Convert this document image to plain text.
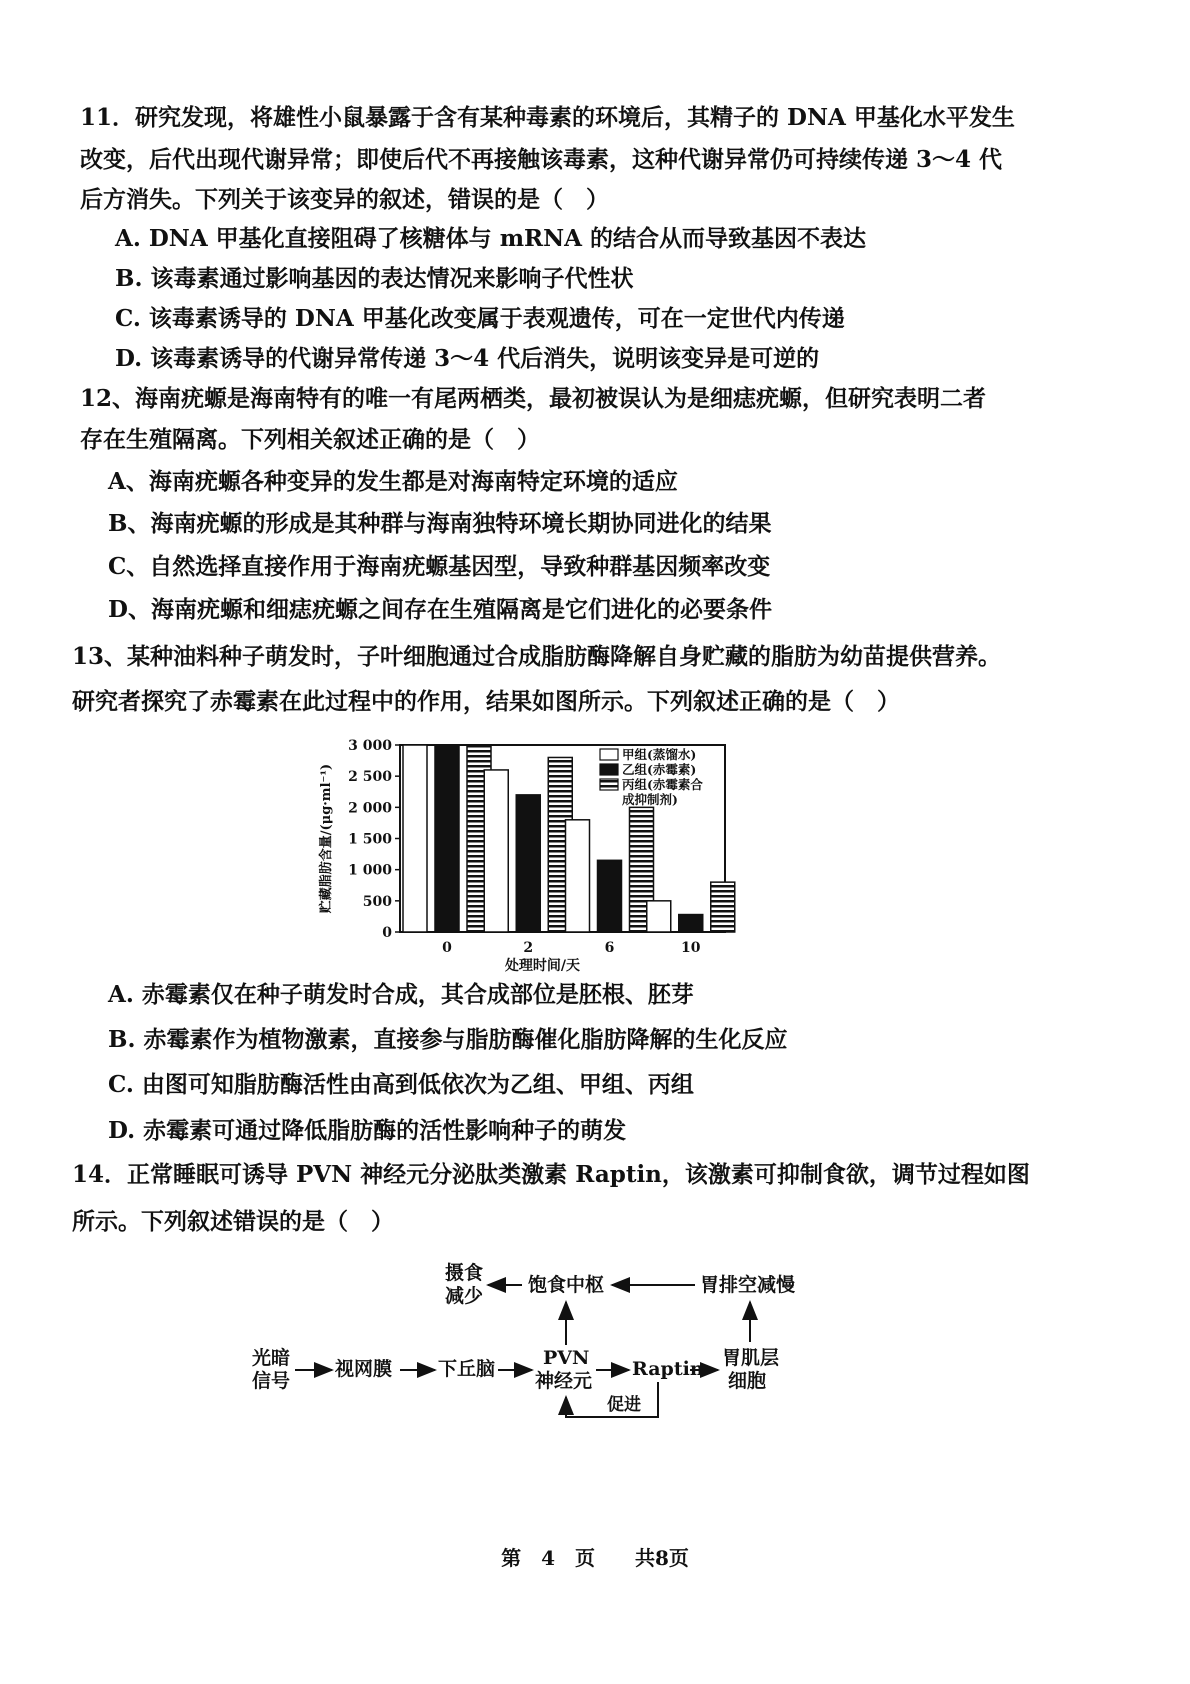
11．研究发现，将雄性小鼠暴露于含有某种毒素的环境后，其精子的 DNA 甲基化水平发生
改变，后代出现代谢异常；即使后代不再接触该毒素，这种代谢异常仍可持续传递 3～4 代
后方消失。下列关于该变异的叙述，错误的是（　）
A. DNA 甲基化直接阻碍了核糖体与 mRNA 的结合从而导致基因不表达
B. 该毒素通过影响基因的表达情况来影响子代性状
C. 该毒素诱导的 DNA 甲基化改变属于表观遗传，可在一定世代内传递
D. 该毒素诱导的代谢异常传递 3～4 代后消失，说明该变异是可逆的
12、海南疣螈是海南特有的唯一有尾两栖类，最初被误认为是细痣疣螈，但研究表明二者
存在生殖隔离。下列相关叙述正确的是（　）
A、海南疣螈各种变异的发生都是对海南特定环境的适应
B、海南疣螈的形成是其种群与海南独特环境长期协同进化的结果
C、自然选择直接作用于海南疣螈基因型，导致种群基因频率改变
D、海南疣螈和细痣疣螈之间存在生殖隔离是它们进化的必要条件
13、某种油料种子萌发时，子叶细胞通过合成脂肪酶降解自身贮藏的脂肪为幼苗提供营养。
研究者探究了赤霉素在此过程中的作用，结果如图所示。下列叙述正确的是（　）
0
500
1 000
1 500
2 000
2 500
3 000
贮藏脂肪含量/(μg·ml⁻¹)
0	2	6	10
处理时间/天
甲组(蒸馏水)
乙组(赤霉素)
丙组(赤霉素合
成抑制剂)
A. 赤霉素仅在种子萌发时合成，其合成部位是胚根、胚芽
B. 赤霉素作为植物激素，直接参与脂肪酶催化脂肪降解的生化反应
C. 由图可知脂肪酶活性由高到低依次为乙组、甲组、丙组
D. 赤霉素可通过降低脂肪酶的活性影响种子的萌发
14．正常睡眠可诱导 PVN 神经元分泌肽类激素 Raptin，该激素可抑制食欲，调节过程如图
所示。下列叙述错误的是（　）
摄食
减少 饱食中枢	胃排空减慢
光暗
信号
视网膜 下丘脑	PVN
神经元
Raptin 胃肌层
细胞
促进
第　4　页　　共8页
